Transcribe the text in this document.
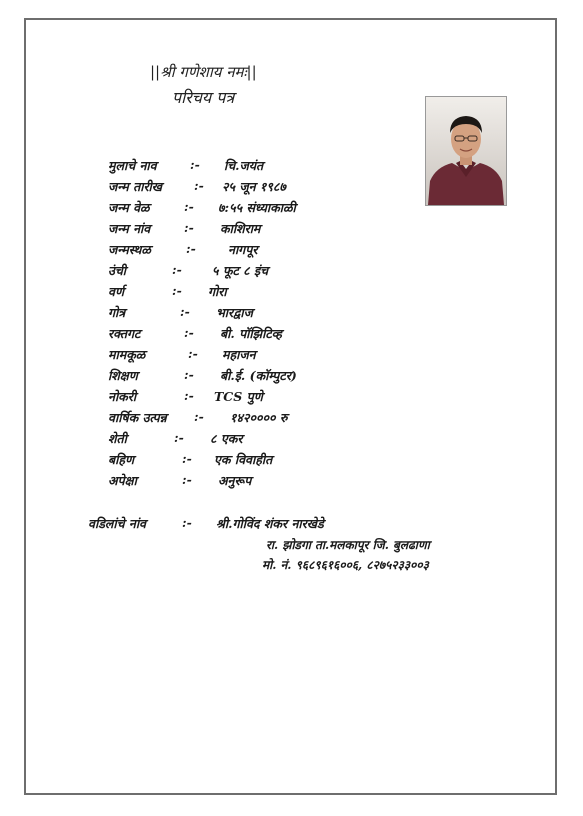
||श्री गणेशाय नमः||
परिचय पत्र
मुलाचे नाव	:- चि.जयंत
जन्म तारीख	:- २५ जून १९८७
जन्म वेळ	:- ७:५५ संध्याकाळी
जन्म नांव	:- काशिराम
जन्मस्थळ	:-	नागपूर
उंची	:- ५ फूट ८ इंच
वर्ण	:- गोरा
गोत्र	:- भारद्वाज
रक्तगट	:- बी. पॉझिटिव्ह
मामकूळ	:- महाजन
शिक्षण	:- बी.ई. (कॉम्पुटर)
नोकरी	:- TCS पुणे
वार्षिक उत्पन्न :- १४२०००० रु
शेती	:- ८ एकर
बहिण	:- एक विवाहीत
अपेक्षा	:- अनुरूप
वडिलांचे नांव	:- श्री.गोविंद शंकर नारखेडे
रा. झोडगा ता.मलकापूर जि. बुलढाणा
मो. नं. ९६८९६१६००६, ८२७५२३३००३
